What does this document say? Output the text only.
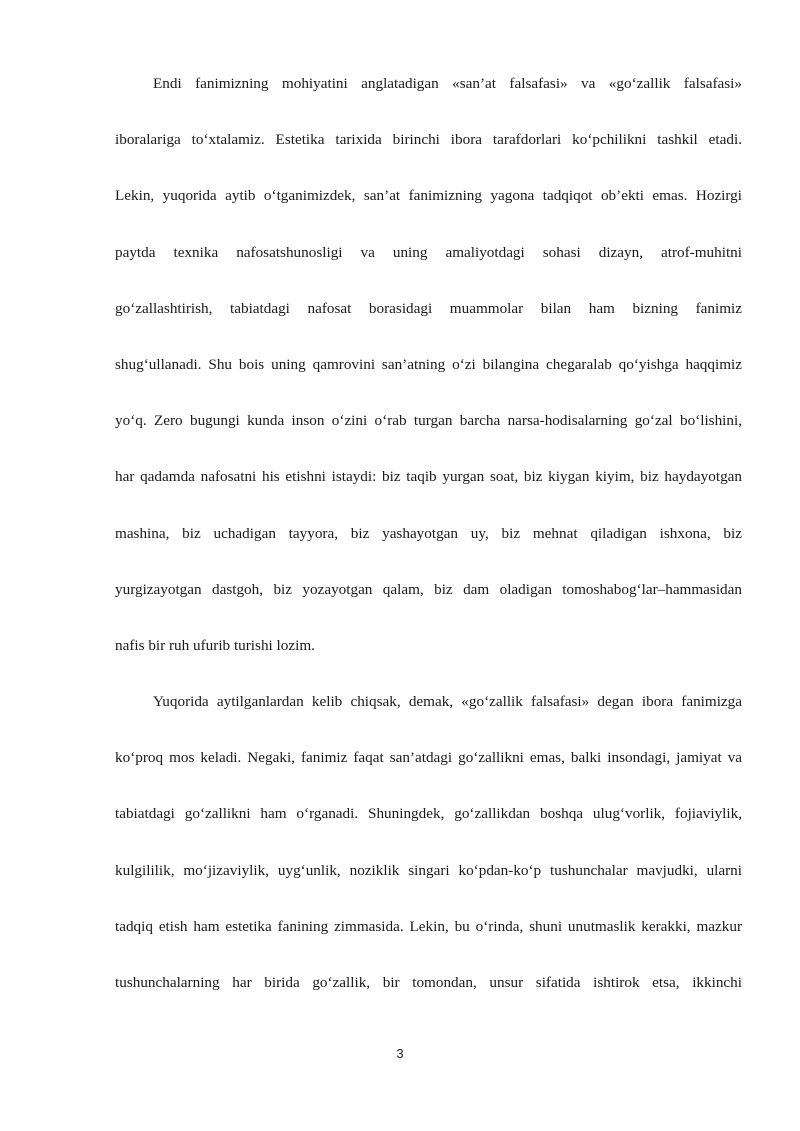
Endi fanimizning mohiyatini anglatadigan «san’at falsafasi» va «go‘zallik falsafasi»
iboralariga to‘xtalamiz. Estetika tarixida birinchi ibora tarafdorlari ko‘pchilikni tashkil etadi.
Lekin, yuqorida aytib o‘tganimizdek, san’at fanimizning yagona tadqiqot ob’ekti emas. Hozirgi
paytda texnika nafosatshunosligi va uning amaliyotdagi sohasi dizayn, atrof-muhitni
go‘zallashtirish, tabiatdagi nafosat borasidagi muammolar bilan ham bizning fanimiz
shug‘ullanadi. Shu bois uning qamrovini san’atning o‘zi bilangina chegaralab qo‘yishga haqqimiz
yo‘q. Zero bugungi kunda inson o‘zini o‘rab turgan barcha narsa-hodisalarning go‘zal bo‘lishini,
har qadamda nafosatni his etishni istaydi: biz taqib yurgan soat, biz kiygan kiyim, biz haydayotgan
mashina, biz uchadigan tayyora, biz yashayotgan uy, biz mehnat qiladigan ishxona, biz
yurgizayotgan dastgoh, biz yozayotgan qalam, biz dam oladigan tomoshabog‘lar–hammasidan
nafis bir ruh ufurib turishi lozim.
Yuqorida aytilganlardan kelib chiqsak, demak, «go‘zallik falsafasi» degan ibora fanimizga
ko‘proq mos keladi. Negaki, fanimiz faqat san’atdagi go‘zallikni emas, balki insondagi, jamiyat va
tabiatdagi go‘zallikni ham o‘rganadi. Shuningdek, go‘zallikdan boshqa ulug‘vorlik, fojiaviylik,
kulgililik, mo‘jizaviylik, uyg‘unlik, noziklik singari ko‘pdan-ko‘p tushunchalar mavjudki, ularni
tadqiq etish ham estetika fanining zimmasida. Lekin, bu o‘rinda, shuni unutmaslik kerakki, mazkur
tushunchalarning har birida go‘zallik, bir tomondan, unsur sifatida ishtirok etsa, ikkinchi
3
